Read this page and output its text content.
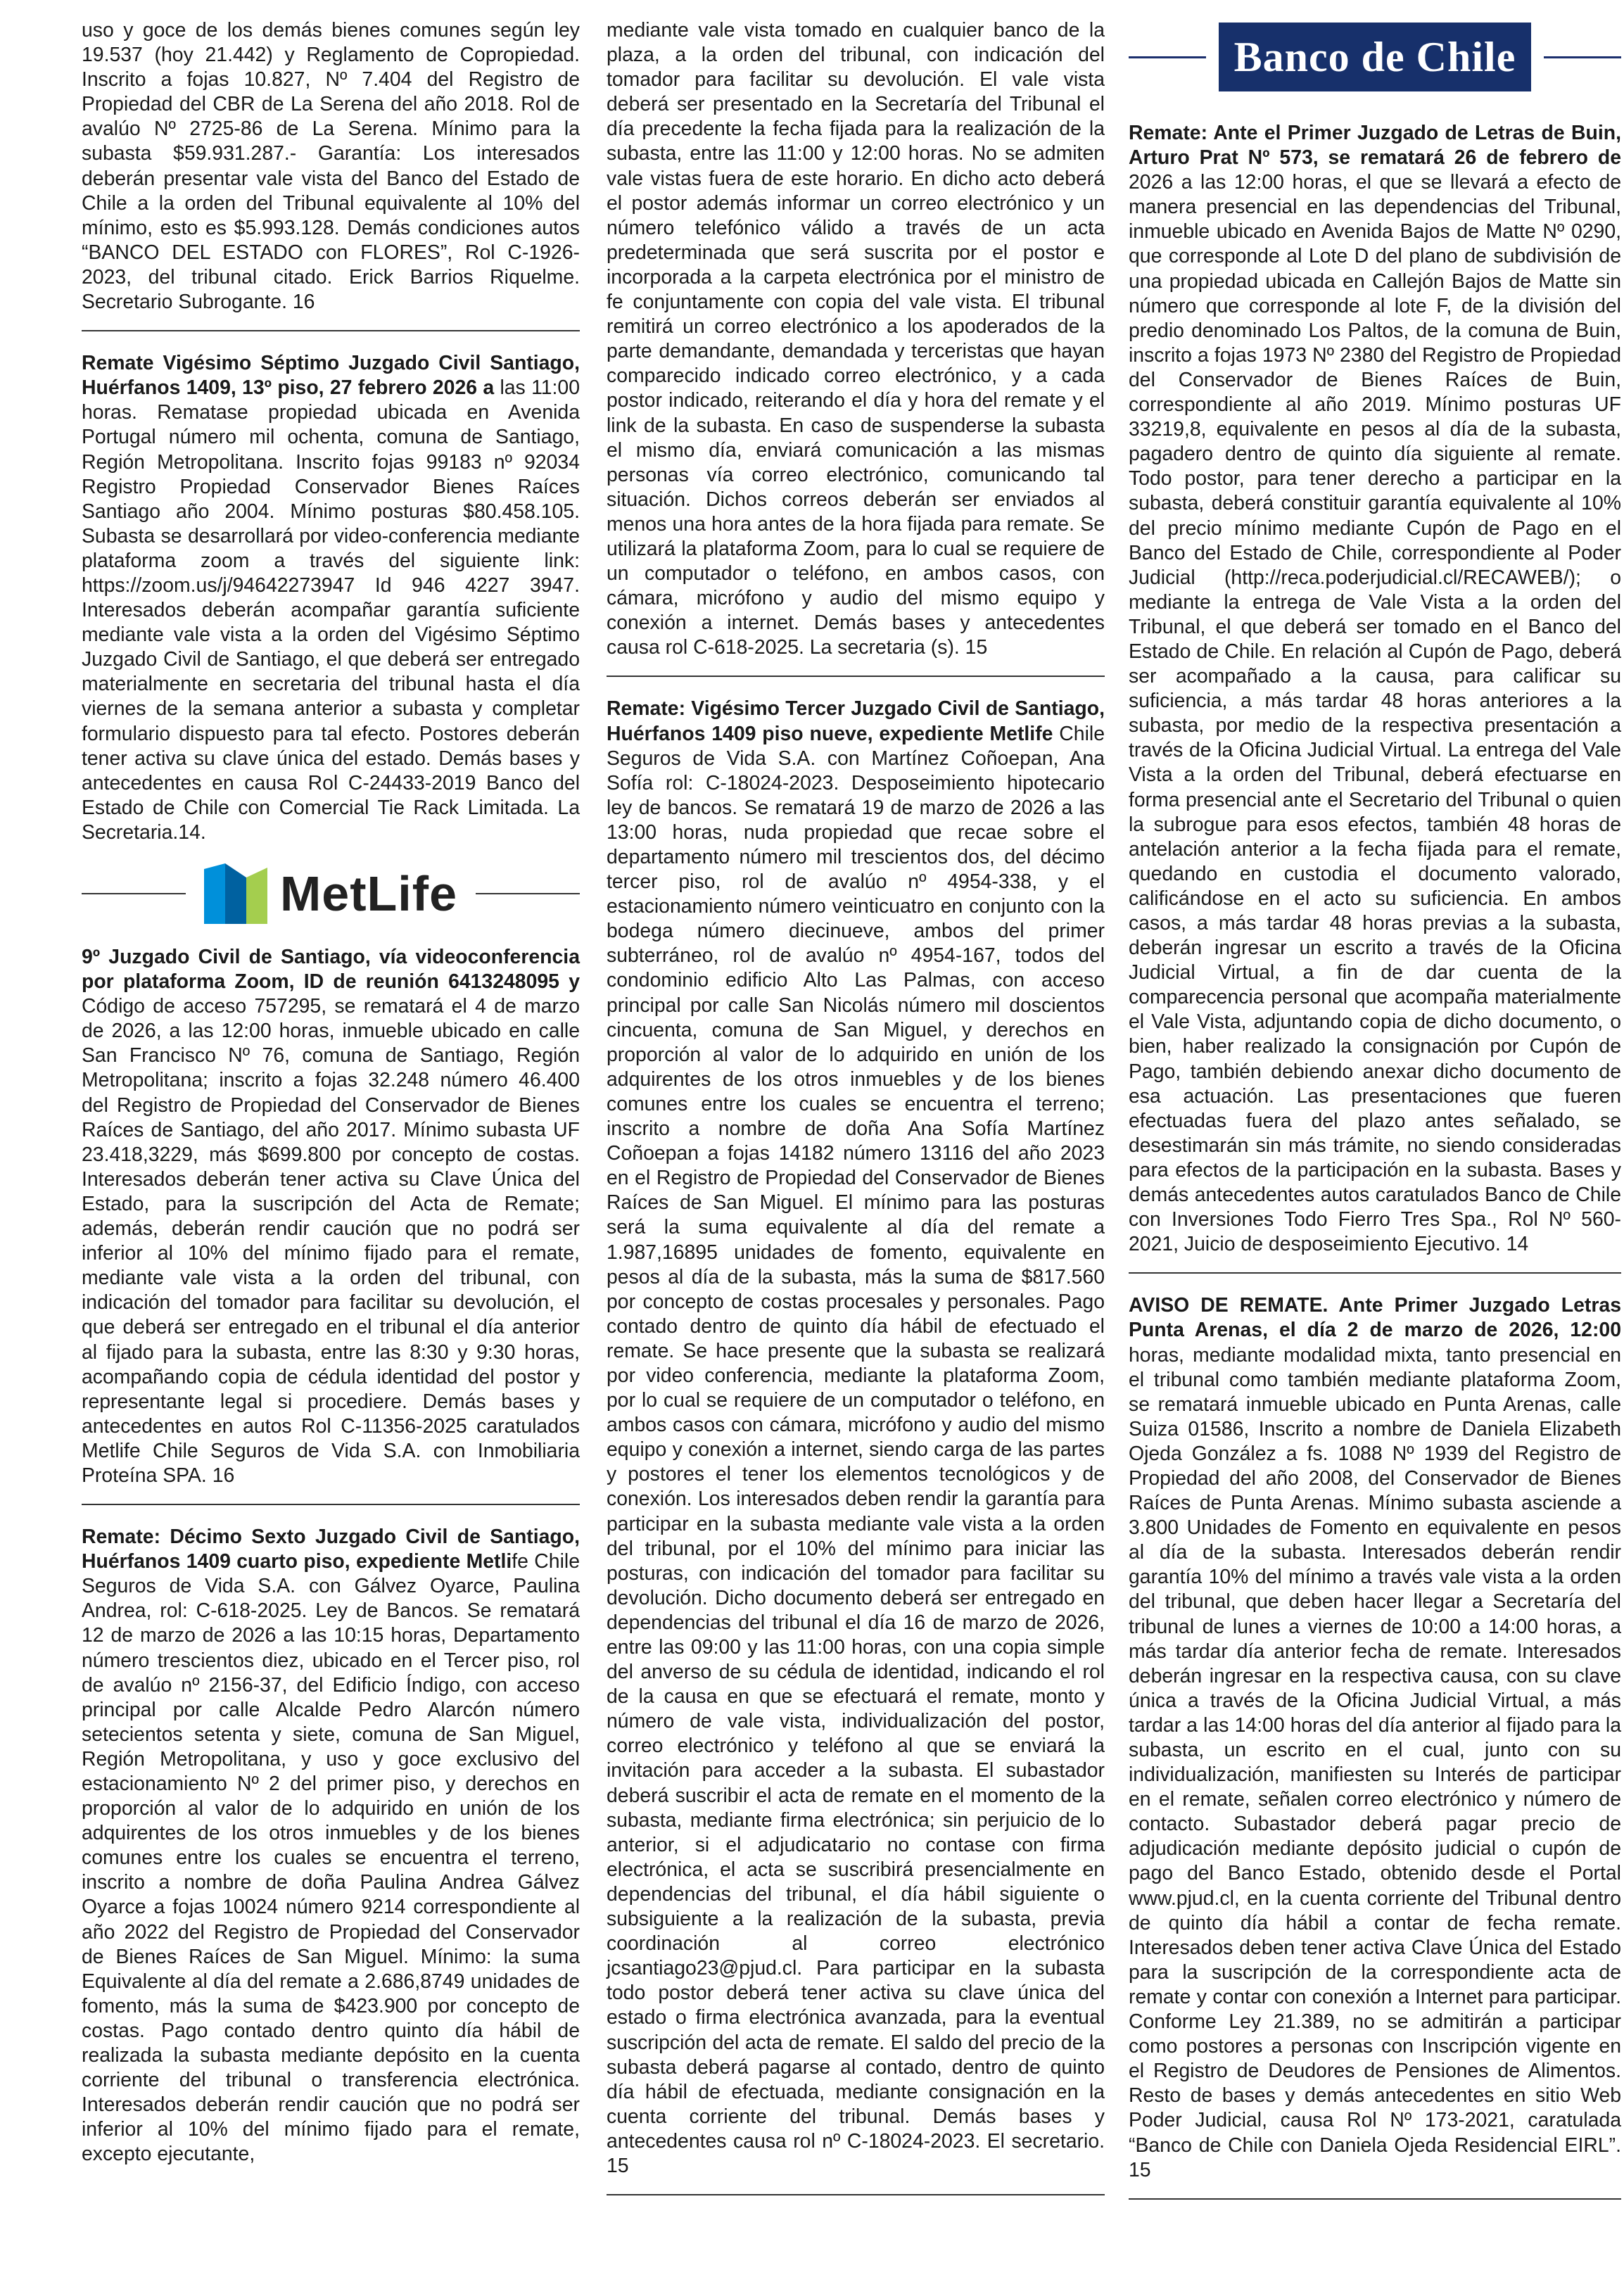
uso y goce de los demás bienes comunes según ley 19.537 (hoy 21.442) y Reglamento de Copropiedad. Inscrito a fojas 10.827, Nº 7.404 del Registro de Propiedad del CBR de La Serena del año 2018. Rol de avalúo Nº 2725-86 de La Serena. Mínimo para la subasta $59.931.287.- Garantía: Los interesados deberán presentar vale vista del Banco del Estado de Chile a la orden del Tribunal equivalente al 10% del mínimo, esto es $5.993.128. Demás condiciones autos “BANCO DEL ESTADO con FLORES”, Rol C-1926-2023, del tribunal citado. Erick Barrios Riquelme. Secretario Subrogante. 16

Remate Vigésimo Séptimo Juzgado Civil Santiago, Huérfanos 1409, 13º piso, 27 febrero 2026 a las 11:00 horas. Rematase propiedad ubicada en Avenida Portugal número mil ochenta, comuna de Santiago, Región Metropolitana. Inscrito fojas 99183 nº 92034 Registro Propiedad Conservador Bienes Raíces Santiago año 2004. Mínimo posturas $80.458.105. Subasta se desarrollará por video-conferencia mediante plataforma zoom a través del siguiente link: https://zoom.us/j/94642273947 Id 946 4227 3947. Interesados deberán acompañar garantía suficiente mediante vale vista a la orden del Vigésimo Séptimo Juzgado Civil de Santiago, el que deberá ser entregado materialmente en secretaria del tribunal hasta el día viernes de la semana anterior a subasta y completar formulario dispuesto para tal efecto. Postores deberán tener activa su clave única del estado. Demás bases y antecedentes en causa Rol C-24433-2019 Banco del Estado de Chile con Comercial Tie Rack Limitada. La Secretaria.14.

MetLife

9º Juzgado Civil de Santiago, vía videoconferencia por plataforma Zoom, ID de reunión 6413248095 y Código de acceso 757295, se rematará el 4 de marzo de 2026, a las 12:00 horas, inmueble ubicado en calle San Francisco Nº 76, comuna de Santiago, Región Metropolitana; inscrito a fojas 32.248 número 46.400 del Registro de Propiedad del Conservador de Bienes Raíces de Santiago, del año 2017. Mínimo subasta UF 23.418,3229, más $699.800 por concepto de costas. Interesados deberán tener activa su Clave Única del Estado, para la suscripción del Acta de Remate; además, deberán rendir caución que no podrá ser inferior al 10% del mínimo fijado para el remate, mediante vale vista a la orden del tribunal, con indicación del tomador para facilitar su devolución, el que deberá ser entregado en el tribunal el día anterior al fijado para la subasta, entre las 8:30 y 9:30 horas, acompañando copia de cédula identidad del postor y representante legal si procediere. Demás bases y antecedentes en autos Rol C-11356-2025 caratulados Metlife Chile Seguros de Vida S.A. con Inmobiliaria Proteína SPA. 16

Remate: Décimo Sexto Juzgado Civil de Santiago, Huérfanos 1409 cuarto piso, expediente Metlife Chile Seguros de Vida S.A. con Gálvez Oyarce, Paulina Andrea, rol: C-618-2025. Ley de Bancos. Se rematará 12 de marzo de 2026 a las 10:15 horas, Departamento número trescientos diez, ubicado en el Tercer piso, rol de avalúo nº 2156-37, del Edificio Índigo, con acceso principal por calle Alcalde Pedro Alarcón número setecientos setenta y siete, comuna de San Miguel, Región Metropolitana, y uso y goce exclusivo del estacionamiento Nº 2 del primer piso, y derechos en proporción al valor de lo adquirido en unión de los adquirentes de los otros inmuebles y de los bienes comunes entre los cuales se encuentra el terreno, inscrito a nombre de doña Paulina Andrea Gálvez Oyarce a fojas 10024 número 9214 correspondiente al año 2022 del Registro de Propiedad del Conservador de Bienes Raíces de San Miguel. Mínimo: la suma Equivalente al día del remate a 2.686,8749 unidades de fomento, más la suma de $423.900 por concepto de costas. Pago contado dentro quinto día hábil de realizada la subasta mediante depósito en la cuenta corriente del tribunal o transferencia electrónica. Interesados deberán rendir caución que no podrá ser inferior al 10% del mínimo fijado para el remate, excepto ejecutante,

mediante vale vista tomado en cualquier banco de la plaza, a la orden del tribunal, con indicación del tomador para facilitar su devolución. El vale vista deberá ser presentado en la Secretaría del Tribunal el día precedente la fecha fijada para la realización de la subasta, entre las 11:00 y 12:00 horas. No se admiten vale vistas fuera de este horario. En dicho acto deberá el postor además informar un correo electrónico y un número telefónico válido a través de un acta predeterminada que será suscrita por el postor e incorporada a la carpeta electrónica por el ministro de fe conjuntamente con copia del vale vista. El tribunal remitirá un correo electrónico a los apoderados de la parte demandante, demandada y terceristas que hayan comparecido indicado correo electrónico, y a cada postor indicado, reiterando el día y hora del remate y el link de la subasta. En caso de suspenderse la subasta el mismo día, enviará comunicación a las mismas personas vía correo electrónico, comunicando tal situación. Dichos correos deberán ser enviados al menos una hora antes de la hora fijada para remate. Se utilizará la plataforma Zoom, para lo cual se requiere de un computador o teléfono, en ambos casos, con cámara, micrófono y audio del mismo equipo y conexión a internet. Demás bases y antecedentes causa rol C-618-2025. La secretaria (s). 15

Remate: Vigésimo Tercer Juzgado Civil de Santiago, Huérfanos 1409 piso nueve, expediente Metlife Chile Seguros de Vida S.A. con Martínez Coñoepan, Ana Sofía rol: C-18024-2023. Desposeimiento hipotecario ley de bancos. Se rematará 19 de marzo de 2026 a las 13:00 horas, nuda propiedad que recae sobre el departamento número mil trescientos dos, del décimo tercer piso, rol de avalúo nº 4954-338, y el estacionamiento número veinticuatro en conjunto con la bodega número diecinueve, ambos del primer subterráneo, rol de avalúo nº 4954-167, todos del condominio edificio Alto Las Palmas, con acceso principal por calle San Nicolás número mil doscientos cincuenta, comuna de San Miguel, y derechos en proporción al valor de lo adquirido en unión de los adquirentes de los otros inmuebles y de los bienes comunes entre los cuales se encuentra el terreno; inscrito a nombre de doña Ana Sofía Martínez Coñoepan a fojas 14182 número 13116 del año 2023 en el Registro de Propiedad del Conservador de Bienes Raíces de San Miguel. El mínimo para las posturas será la suma equivalente al día del remate a 1.987,16895 unidades de fomento, equivalente en pesos al día de la subasta, más la suma de $817.560 por concepto de costas procesales y personales. Pago contado dentro de quinto día hábil de efectuado el remate. Se hace presente que la subasta se realizará por video conferencia, mediante la plataforma Zoom, por lo cual se requiere de un computador o teléfono, en ambos casos con cámara, micrófono y audio del mismo equipo y conexión a internet, siendo carga de las partes y postores el tener los elementos tecnológicos y de conexión. Los interesados deben rendir la garantía para participar en la subasta mediante vale vista a la orden del tribunal, por el 10% del mínimo para iniciar las posturas, con indicación del tomador para facilitar su devolución. Dicho documento deberá ser entregado en dependencias del tribunal el día 16 de marzo de 2026, entre las 09:00 y las 11:00 horas, con una copia simple del anverso de su cédula de identidad, indicando el rol de la causa en que se efectuará el remate, monto y número de vale vista, individualización del postor, correo electrónico y teléfono al que se enviará la invitación para acceder a la subasta. El subastador deberá suscribir el acta de remate en el momento de la subasta, mediante firma electrónica; sin perjuicio de lo anterior, si el adjudicatario no contase con firma electrónica, el acta se suscribirá presencialmente en dependencias del tribunal, el día hábil siguiente o subsiguiente a la realización de la subasta, previa coordinación al correo electrónico jcsantiago23@pjud.cl. Para participar en la subasta todo postor deberá tener activa su clave única del estado o firma electrónica avanzada, para la eventual suscripción del acta de remate. El saldo del precio de la subasta deberá pagarse al contado, dentro de quinto día hábil de efectuada, mediante consignación en la cuenta corriente del tribunal. Demás bases y antecedentes causa rol nº C-18024-2023. El secretario. 15

Banco de Chile

Remate: Ante el Primer Juzgado de Letras de Buin, Arturo Prat Nº 573, se rematará 26 de febrero de 2026 a las 12:00 horas, el que se llevará a efecto de manera presencial en las dependencias del Tribunal, inmueble ubicado en Avenida Bajos de Matte Nº 0290, que corresponde al Lote D del plano de subdivisión de una propiedad ubicada en Callejón Bajos de Matte sin número que corresponde al lote F, de la división del predio denominado Los Paltos, de la comuna de Buin, inscrito a fojas 1973 Nº 2380 del Registro de Propiedad del Conservador de Bienes Raíces de Buin, correspondiente al año 2019. Mínimo posturas UF 33219,8, equivalente en pesos al día de la subasta, pagadero dentro de quinto día siguiente al remate. Todo postor, para tener derecho a participar en la subasta, deberá constituir garantía equivalente al 10% del precio mínimo mediante Cupón de Pago en el Banco del Estado de Chile, correspondiente al Poder Judicial (http://reca.poderjudicial.cl/RECAWEB/); o mediante la entrega de Vale Vista a la orden del Tribunal, el que deberá ser tomado en el Banco del Estado de Chile. En relación al Cupón de Pago, deberá ser acompañado a la causa, para calificar su suficiencia, a más tardar 48 horas anteriores a la subasta, por medio de la respectiva presentación a través de la Oficina Judicial Virtual. La entrega del Vale Vista a la orden del Tribunal, deberá efectuarse en forma presencial ante el Secretario del Tribunal o quien la subrogue para esos efectos, también 48 horas de antelación anterior a la fecha fijada para el remate, quedando en custodia el documento valorado, calificándose en el acto su suficiencia. En ambos casos, a más tardar 48 horas previas a la subasta, deberán ingresar un escrito a través de la Oficina Judicial Virtual, a fin de dar cuenta de la comparecencia personal que acompaña materialmente el Vale Vista, adjuntando copia de dicho documento, o bien, haber realizado la consignación por Cupón de Pago, también debiendo anexar dicho documento de esa actuación. Las presentaciones que fueren efectuadas fuera del plazo antes señalado, se desestimarán sin más trámite, no siendo consideradas para efectos de la participación en la subasta. Bases y demás antecedentes autos caratulados Banco de Chile con Inversiones Todo Fierro Tres Spa., Rol Nº 560-2021, Juicio de desposeimiento Ejecutivo. 14

AVISO DE REMATE. Ante Primer Juzgado Letras Punta Arenas, el día 2 de marzo de 2026, 12:00 horas, mediante modalidad mixta, tanto presencial en el tribunal como también mediante plataforma Zoom, se rematará inmueble ubicado en Punta Arenas, calle Suiza 01586, Inscrito a nombre de Daniela Elizabeth Ojeda González a fs. 1088 Nº 1939 del Registro de Propiedad del año 2008, del Conservador de Bienes Raíces de Punta Arenas. Mínimo subasta asciende a 3.800 Unidades de Fomento en equivalente en pesos al día de la subasta. Interesados deberán rendir garantía 10% del mínimo a través vale vista a la orden del tribunal, que deben hacer llegar a Secretaría del tribunal de lunes a viernes de 10:00 a 14:00 horas, a más tardar día anterior fecha de remate. Interesados deberán ingresar en la respectiva causa, con su clave única a través de la Oficina Judicial Virtual, a más tardar a las 14:00 horas del día anterior al fijado para la subasta, un escrito en el cual, junto con su individualización, manifiesten su Interés de participar en el remate, señalen correo electrónico y número de contacto. Subastador deberá pagar precio de adjudicación mediante depósito judicial o cupón de pago del Banco Estado, obtenido desde el Portal www.pjud.cl, en la cuenta corriente del Tribunal dentro de quinto día hábil a contar de fecha remate. Interesados deben tener activa Clave Única del Estado para la suscripción de la correspondiente acta de remate y contar con conexión a Internet para participar. Conforme Ley 21.389, no se admitirán a participar como postores a personas con Inscripción vigente en el Registro de Deudores de Pensiones de Alimentos. Resto de bases y demás antecedentes en sitio Web Poder Judicial, causa Rol Nº 173-2021, caratulada “Banco de Chile con Daniela Ojeda Residencial EIRL”. 15
